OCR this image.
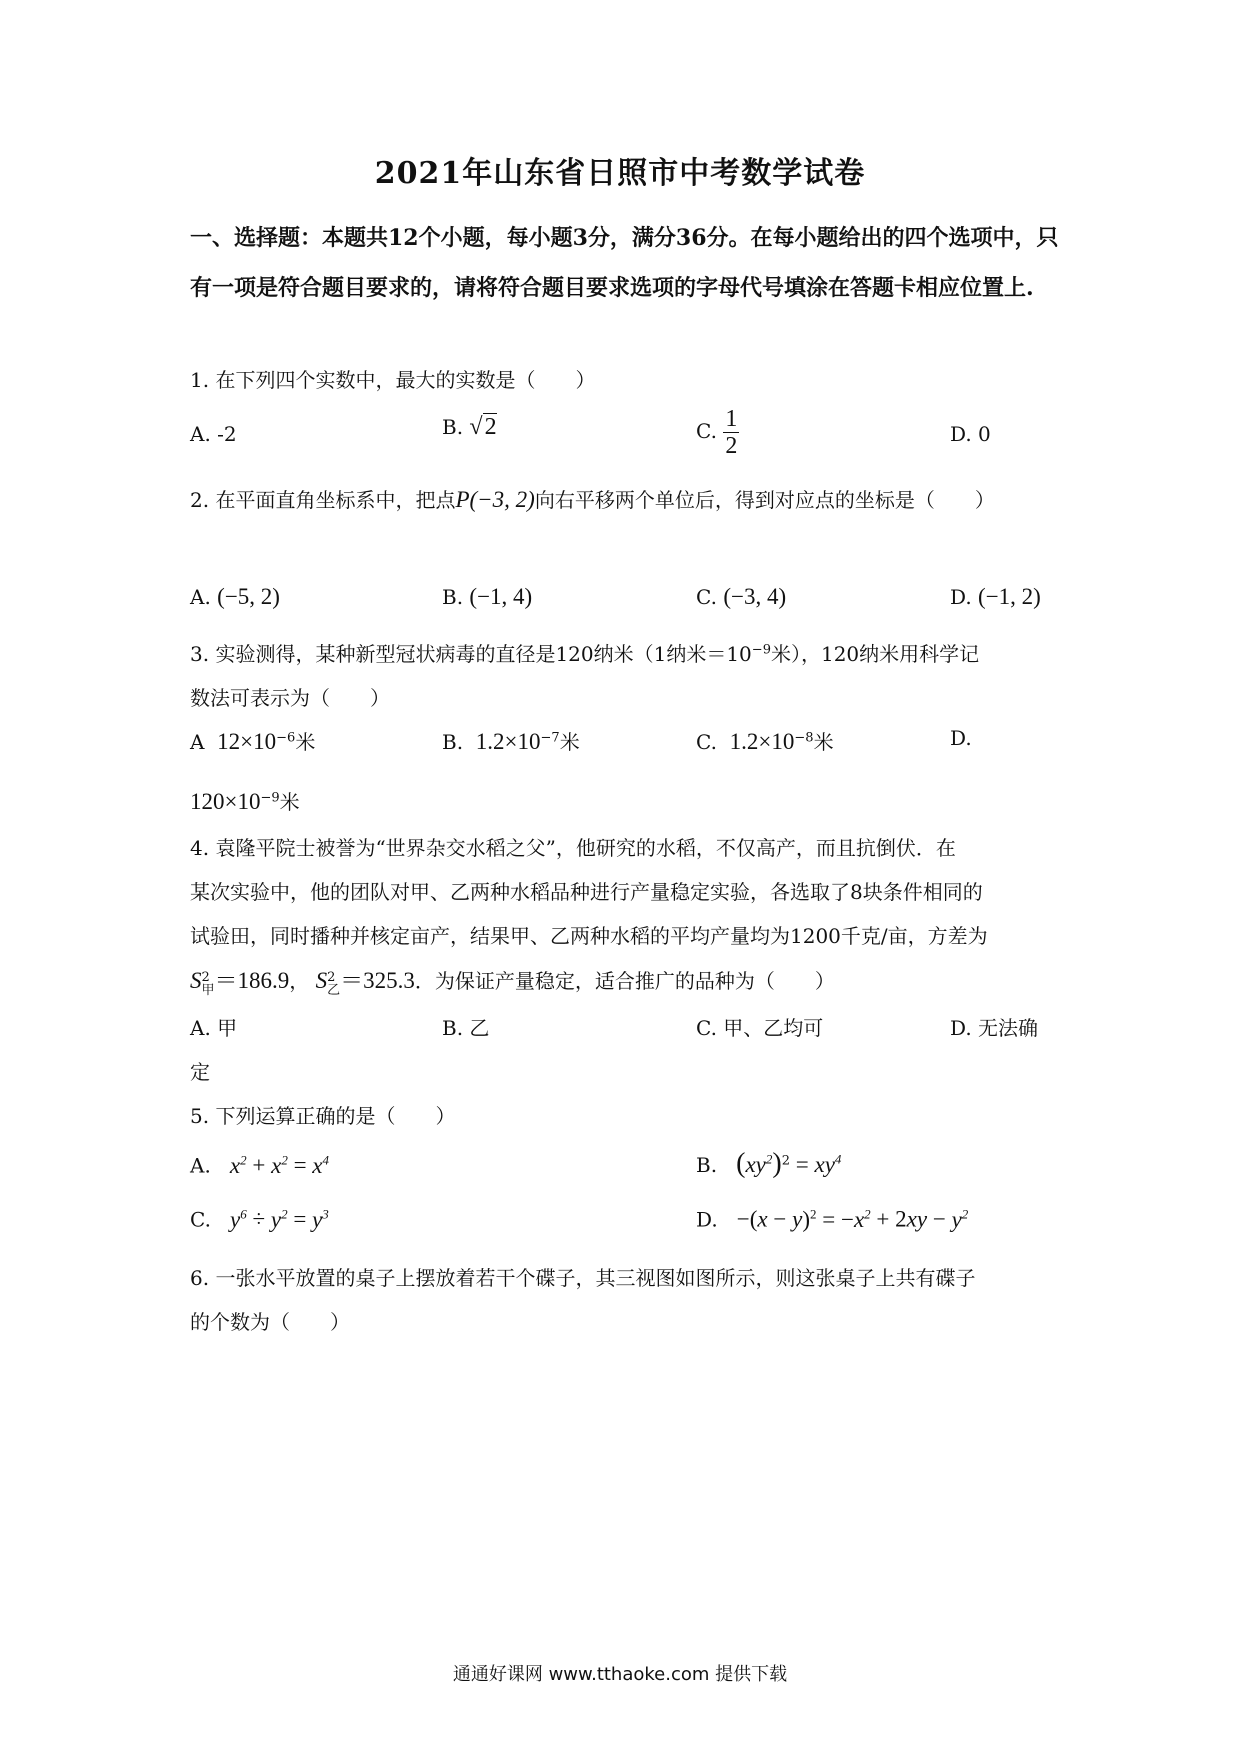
2021年山东省日照市中考数学试卷
一、选择题：本题共12个小题，每小题3分，满分36分。在每小题给出的四个选项中，只有一项是符合题目要求的，请将符合题目要求选项的字母代号填涂在答题卡相应位置上.
1. 在下列四个实数中，最大的实数是（　　）
A. -2	B. √2	C. $\frac{1}{2}$	D. 0
2. 在平面直角坐标系中，把点P(−3, 2)向右平移两个单位后，得到对应点的坐标是（　　）
A. (−5, 2)	B. (−1, 4)	C. (−3, 4)	D. (−1, 2)
3. 实验测得，某种新型冠状病毒的直径是120纳米（1纳米$=10^{-9}$米），120纳米用科学记
数法可表示为（　　）
A $12\times 10^{-6}$米	B. $1.2\times 10^{-7}$米	C. $1.2\times 10^{-8}$米	D.
$120\times 10^{-9}$米
4. 袁隆平院士被誉为“世界杂交水稻之父”，他研究的水稻，不仅高产，而且抗倒伏．在
某次实验中，他的团队对甲、乙两种水稻品种进行产量稳定实验，各选取了8块条件相同的
试验田，同时播种并核定亩产，结果甲、乙两种水稻的平均产量均为1200千克/亩，方差为
S 2
甲 ＝186.9， S 2
乙 ＝325.3．为保证产量稳定，适合推广的品种为（　　）
A. 甲	B. 乙	C. 甲、乙均可	D. 无法确
定
5. 下列运算正确的是（　　）
A. $x^2 + x^2 = x^4$	B. $(xy^2)^2 = xy^4$
C. $y^6 \div y^2 = y^3$	D. $-(x - y)^2 = -x^2 + 2xy - y^2$
6. 一张水平放置的桌子上摆放着若干个碟子，其三视图如图所示，则这张桌子上共有碟子
的个数为（　　）
通通好课网 www.tthaoke.com 提供下载
